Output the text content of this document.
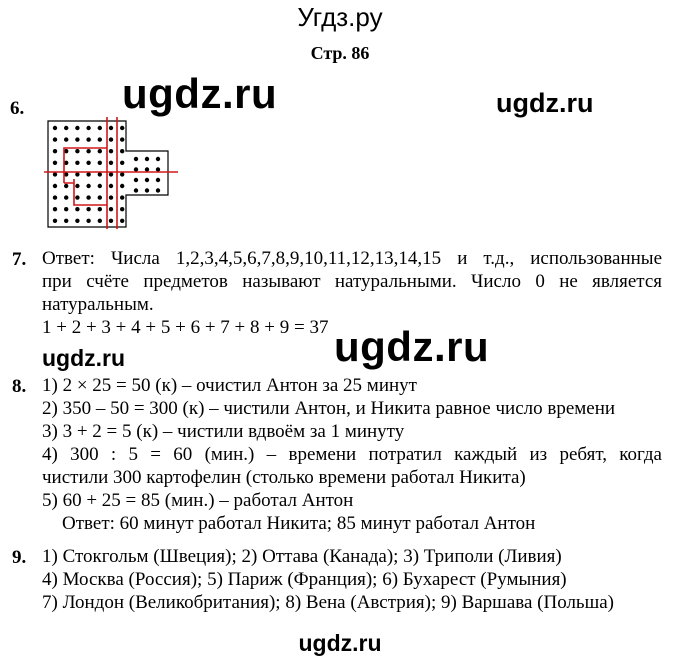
Угдз.ру
Стр. 86
ugdz.ru	ugdz.ru
6.
7. Ответ: Числа 1,2,3,4,5,6,7,8,9,10,11,12,13,14,15 и т.д., использованные
при счёте предметов называют натуральными. Число 0 не является
натуральным.
1 + 2 + 3 + 4 + 5 + 6 + 7 + 8 + 9 = 37
ugdz.ru	ugdz.ru
8. 1) 2 × 25 = 50 (к) – очистил Антон за 25 минут
2) 350 – 50 = 300 (к) – чистили Антон, и Никита равное число времени
3) 3 + 2 = 5 (к) – чистили вдвоём за 1 минуту
4) 300 : 5 = 60 (мин.) – времени потратил каждый из ребят, когда
чистили 300 картофелин (столько времени работал Никита)
5) 60 + 25 = 85 (мин.) – работал Антон
Ответ: 60 минут работал Никита; 85 минут работал Антон
9. 1) Стокгольм (Швеция); 2) Оттава (Канада); 3) Триполи (Ливия)
4) Москва (Россия); 5) Париж (Франция); 6) Бухарест (Румыния)
7) Лондон (Великобритания); 8) Вена (Австрия); 9) Варшава (Польша)
ugdz.ru
